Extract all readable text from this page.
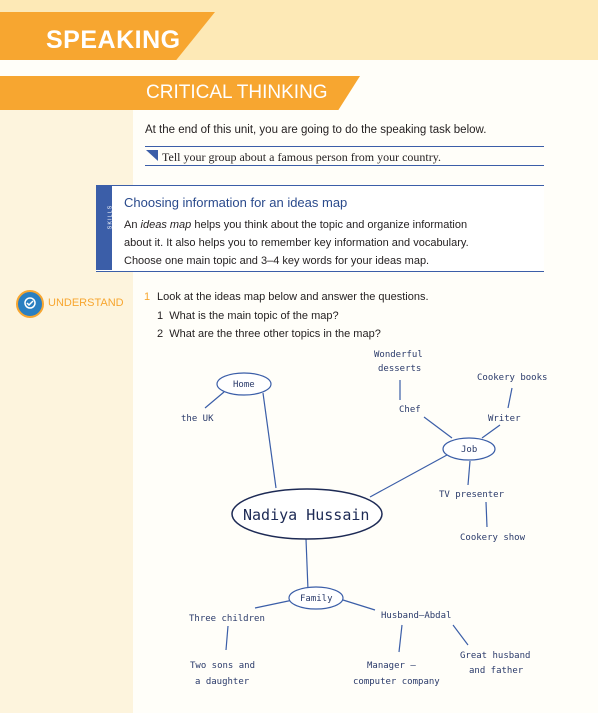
SPEAKING
CRITICAL THINKING
At the end of this unit, you are going to do the speaking task below.
Tell your group about a famous person from your country.
SKILLS
Choosing information for an ideas map
An ideas map helps you think about the topic and organize information
about it. It also helps you to remember key information and vocabulary.
Choose one main topic and 3–4 key words for your ideas map.
UNDERSTAND 1 Look at the ideas map below and answer the questions.
1 What is the main topic of the map?
2 What are the three other topics in the map?
Home
the UK
Job
Chef
Wonderful
desserts
Writer
Cookery books
TV presenter
Cookery show
Nadiya Hussain
Family
Three children
Two sons and
a daughter
Husband–Abdal
Manager –
computer company
Great husband
and father
